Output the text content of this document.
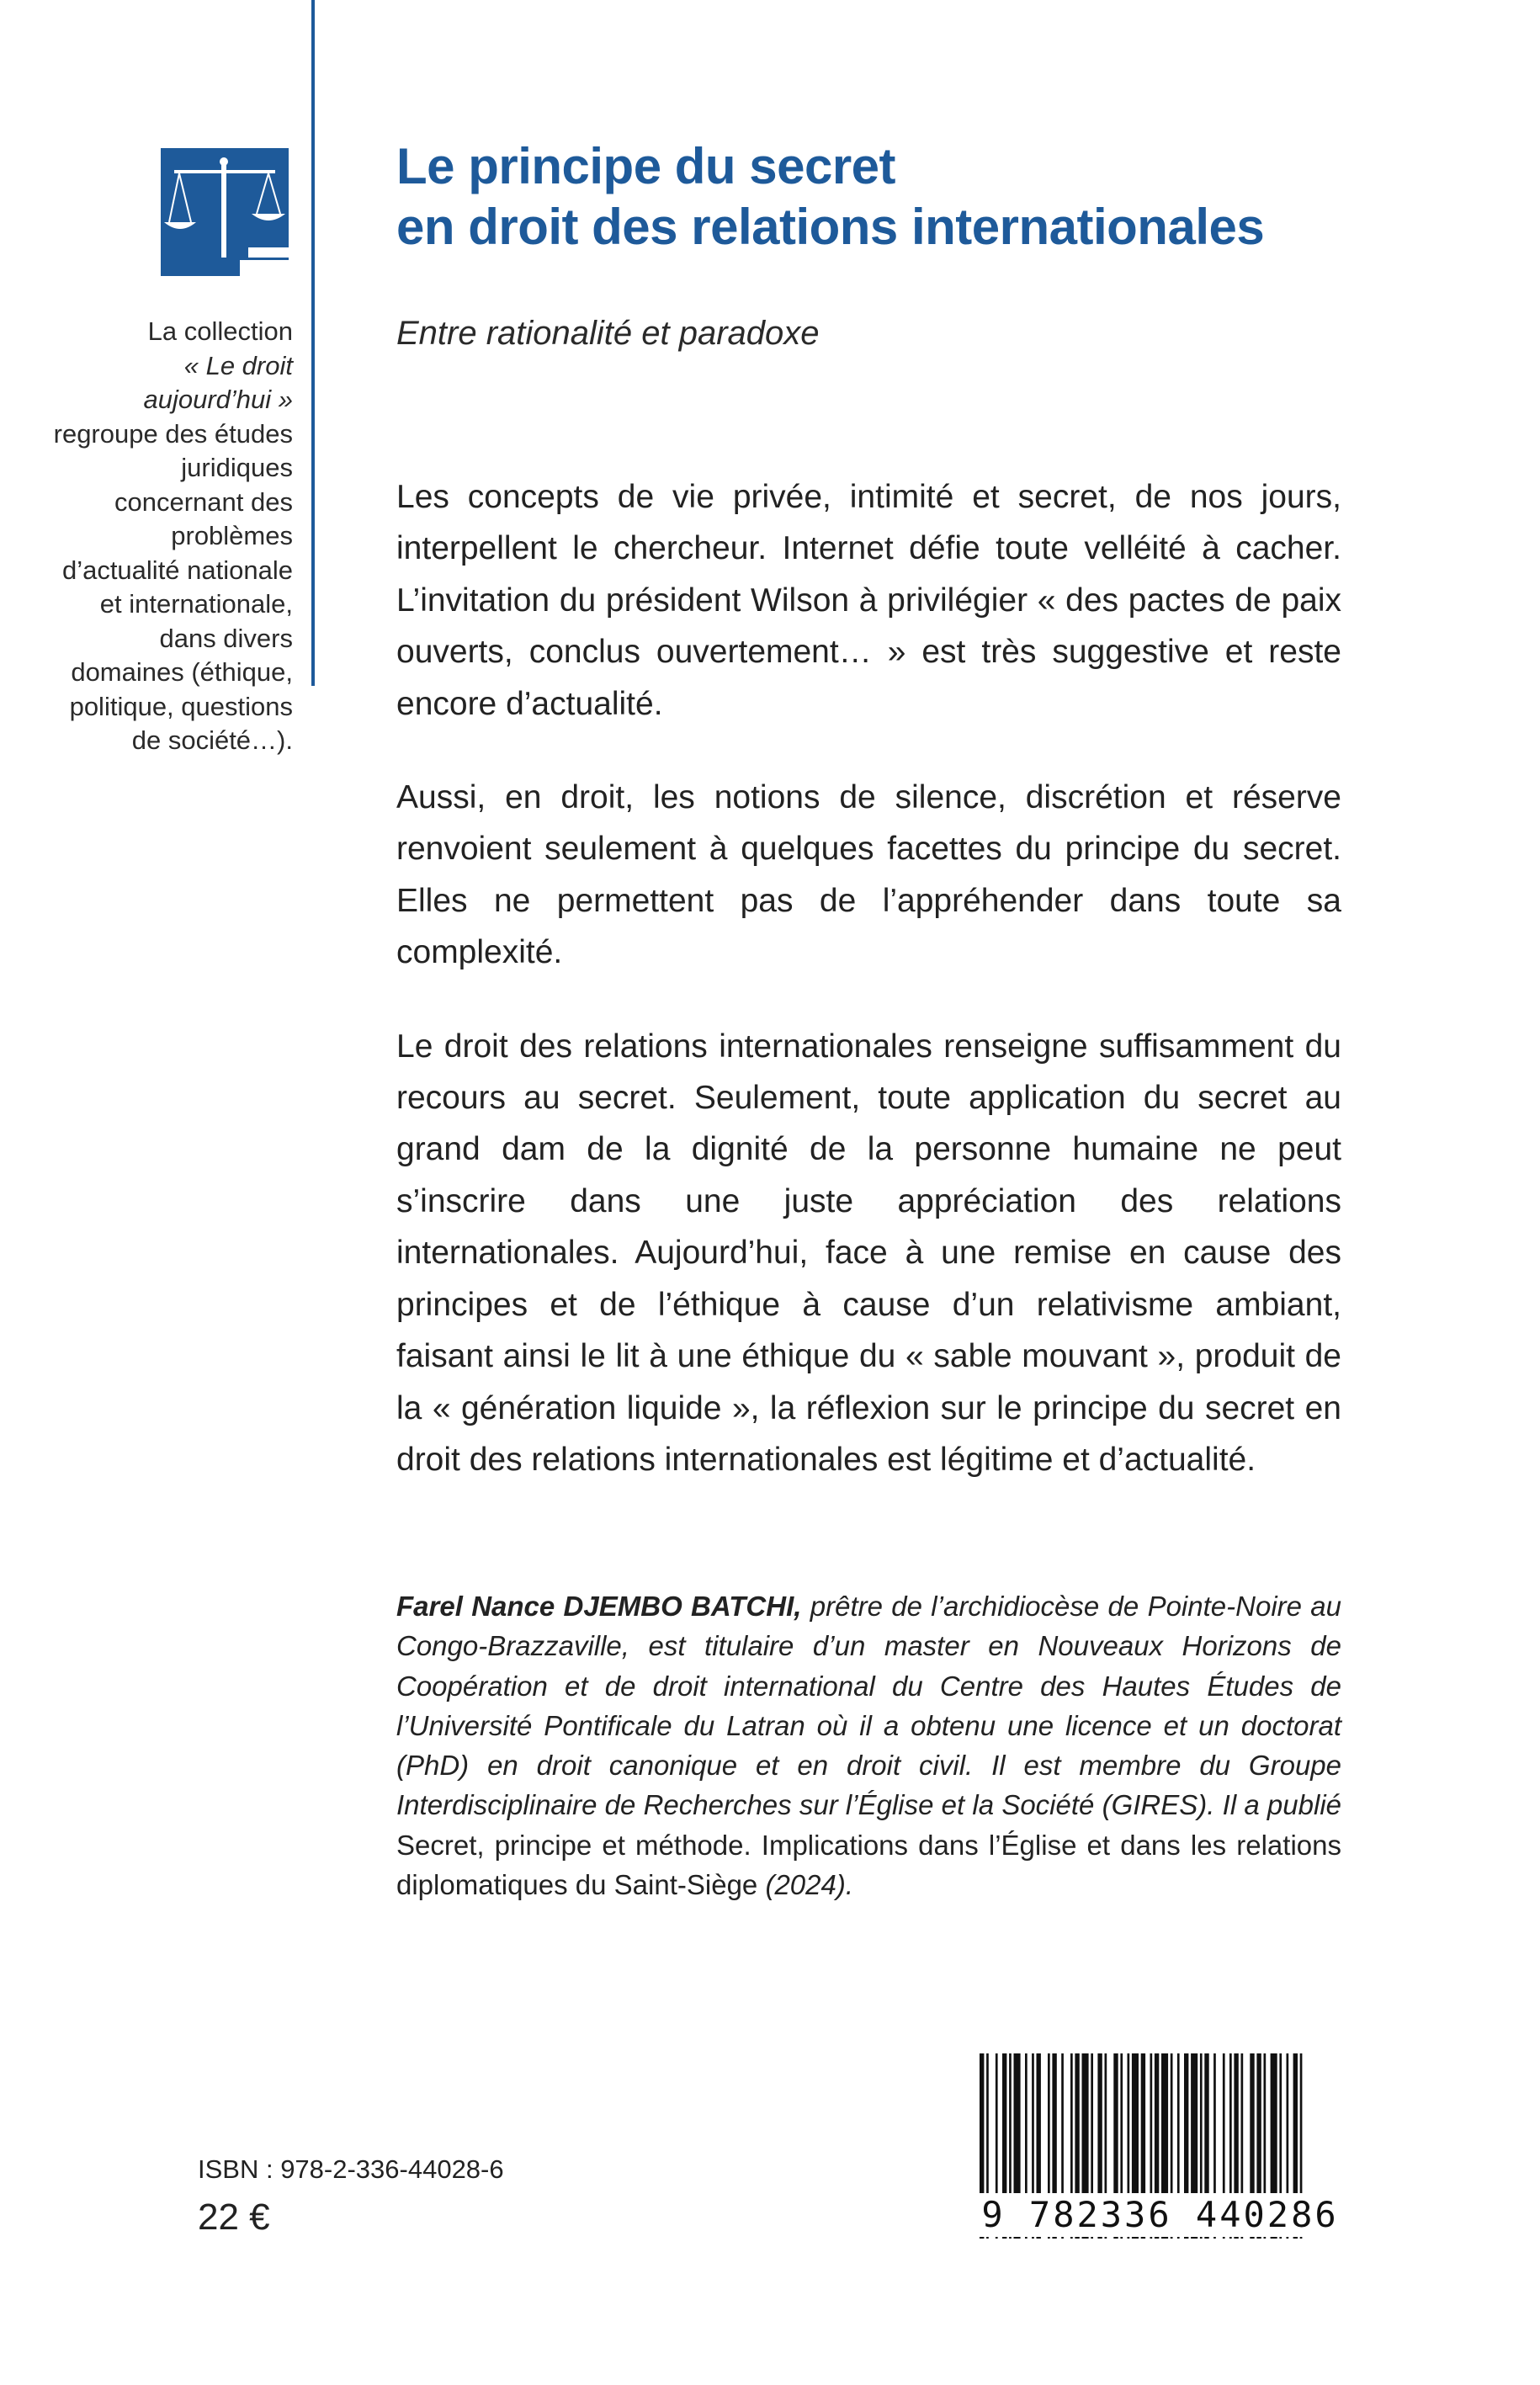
La collection
« Le droit aujourd’hui » regroupe des études juridiques concernant des problèmes d’actualité nationale et internationale, dans divers domaines (éthique, politique, questions de société…).
Le principe du secret
en droit des relations internationales
Entre rationalité et paradoxe

Les concepts de vie privée, intimité et secret, de nos jours, interpellent le chercheur. Internet défie toute velléité à cacher. L’invitation du président Wilson à privilégier « des pactes de paix ouverts, conclus ouvertement… » est très suggestive et reste encore d’actualité.

Aussi, en droit, les notions de silence, discrétion et réserve renvoient seulement à quelques facettes du principe du secret. Elles ne permettent pas de l’appréhender dans toute sa complexité.

Le droit des relations internationales renseigne suffisamment du recours au secret. Seulement, toute application du secret au grand dam de la dignité de la personne humaine ne peut s’inscrire dans une juste appréciation des relations internationales. Aujourd’hui, face à une remise en cause des principes et de l’éthique à cause d’un relativisme ambiant, faisant ainsi le lit à une éthique du « sable mouvant », produit de la « génération liquide », la réflexion sur le principe du secret en droit des relations internationales est légitime et d’actualité.

Farel Nance DJEMBO BATCHI, prêtre de l’archidiocèse de Pointe-Noire au Congo-Brazzaville, est titulaire d’un master en Nouveaux Horizons de Coopération et de droit international du Centre des Hautes Études de l’Université Pontificale du Latran où il a obtenu une licence et un doctorat (PhD) en droit canonique et en droit civil. Il est membre du Groupe Interdisciplinaire de Recherches sur l’Église et la Société (GIRES). Il a publié Secret, principe et méthode. Implications dans l’Église et dans les relations diplomatiques du Saint-Siège (2024).
ISBN : 978-2-336-44028-6
22 €	9 782336 440286
